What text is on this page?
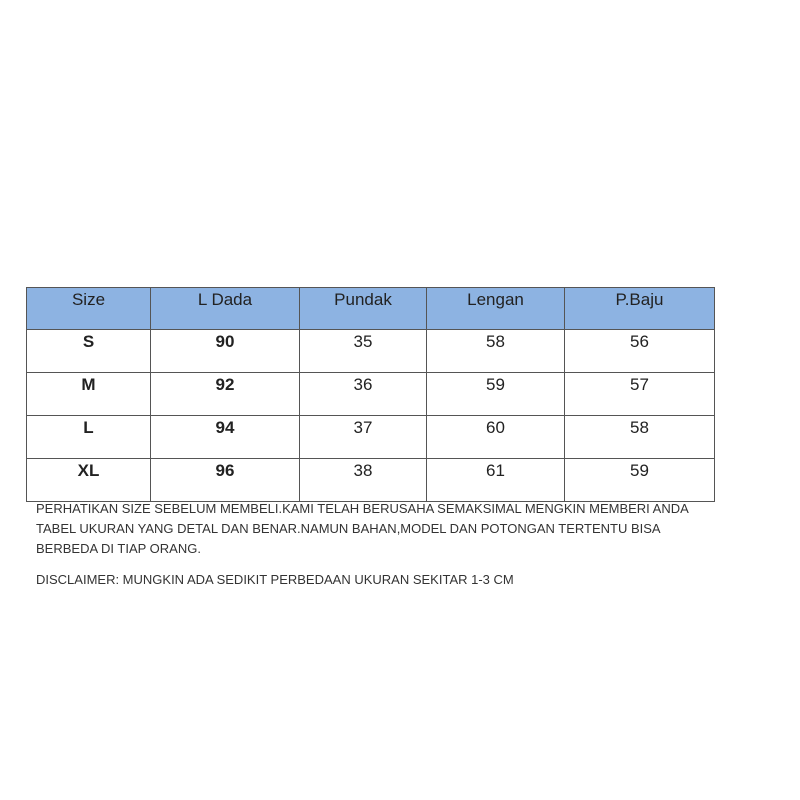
Size	L Dada	Pundak	Lengan	P.Baju
S	90	35	58	56
M	92	36	59	57
L	94	37	60	58
XL	96	38	61	59

PERHATIKAN SIZE SEBELUM MEMBELI.KAMI TELAH BERUSAHA SEMAKSIMAL MENGKIN MEMBERI ANDA

TABEL UKURAN YANG DETAL DAN BENAR.NAMUN BAHAN,MODEL DAN POTONGAN TERTENTU BISA

BERBEDA DI TIAP ORANG.

DISCLAIMER: MUNGKIN ADA SEDIKIT PERBEDAAN UKURAN SEKITAR 1-3 CM
